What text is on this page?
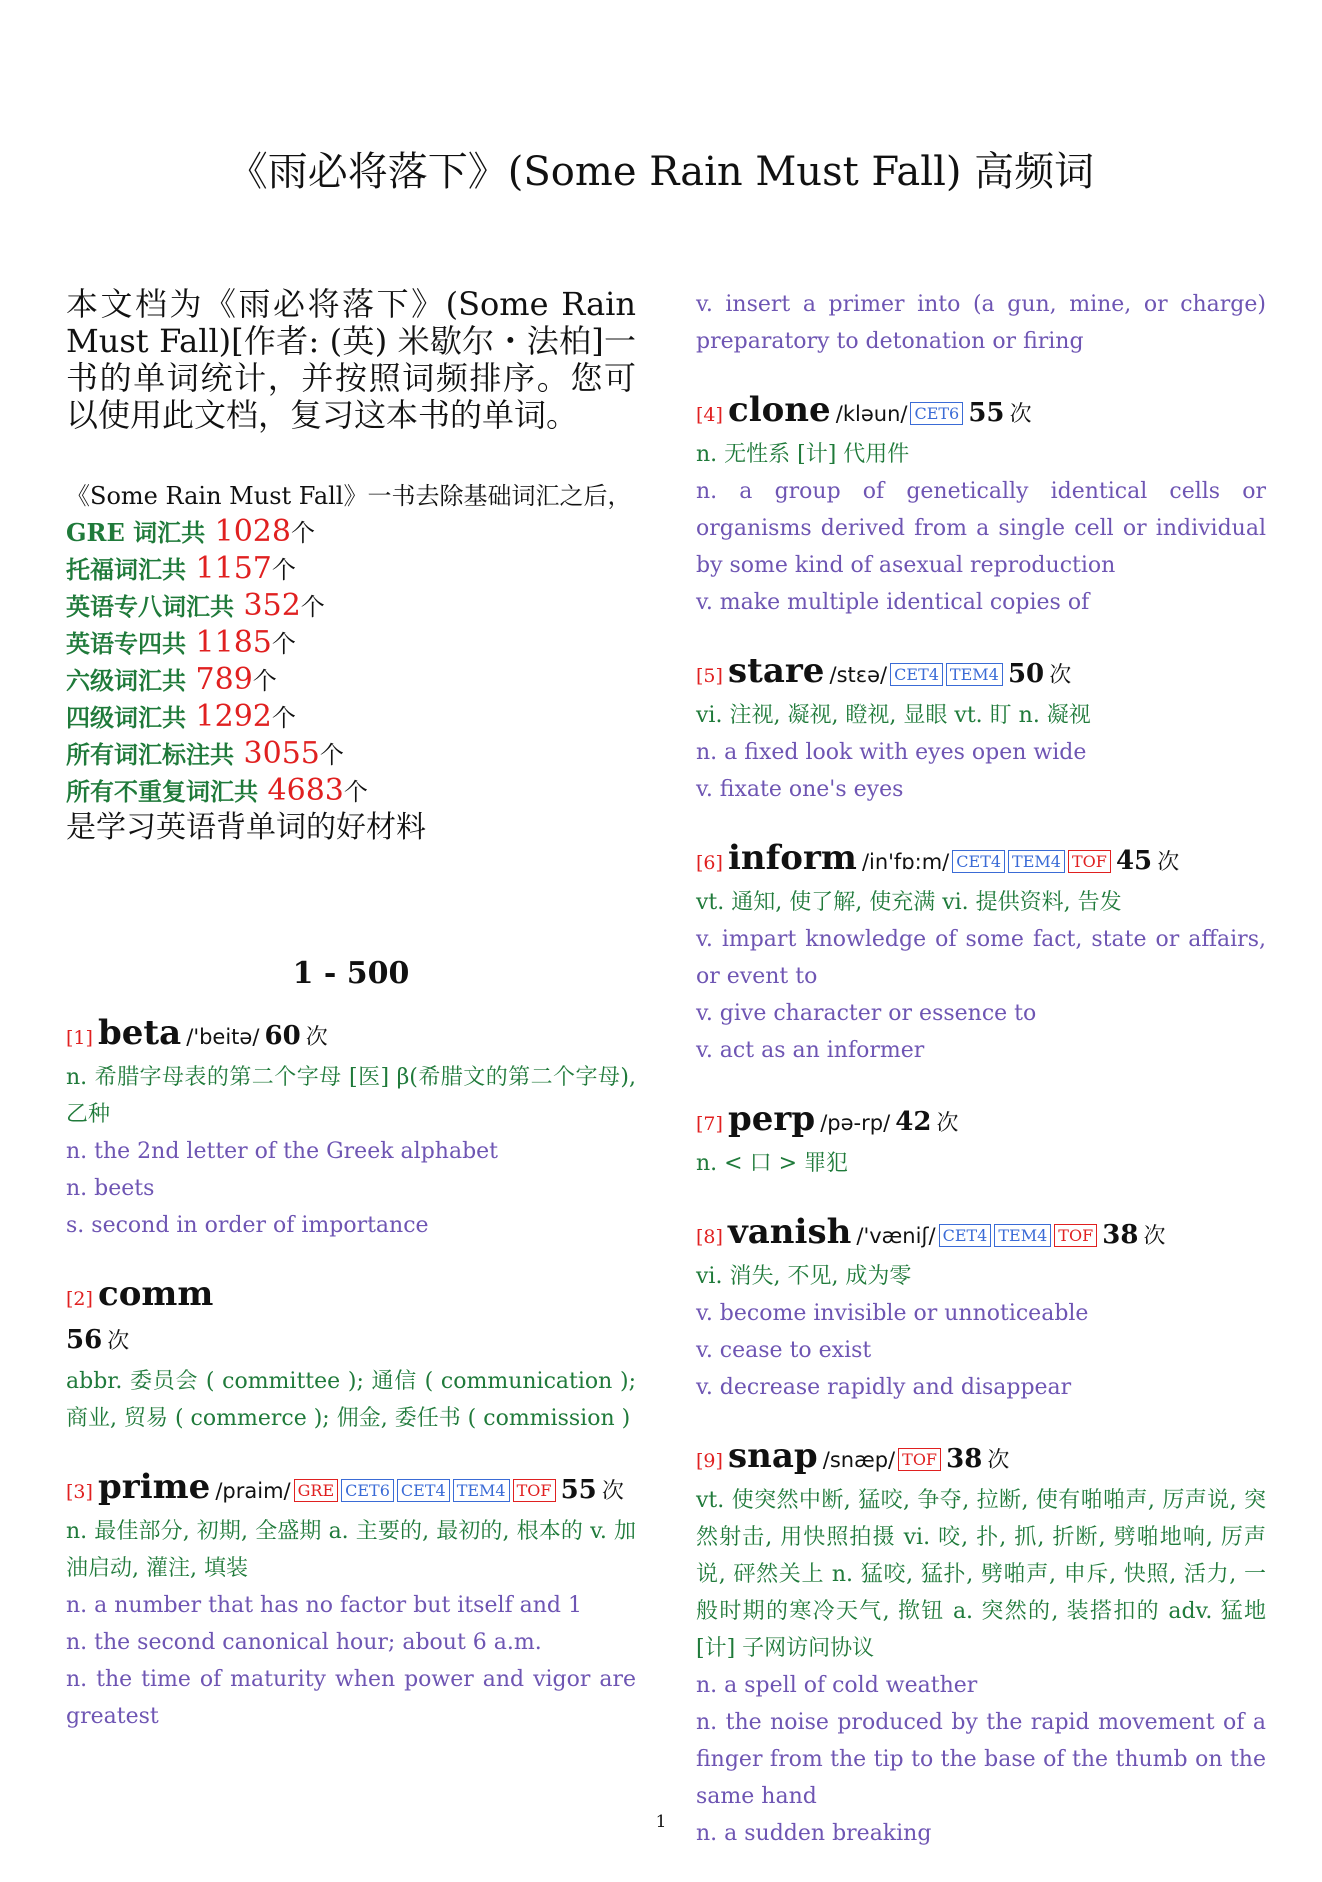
《雨必将落下》(Some Rain Must Fall) 高频词
本文档为《雨必将落下》(Some Rain Must Fall)[作者: (英) 米歇尔・法柏]一书的单词统计，并按照词频排序。您可以使用此文档，复习这本书的单词。
《Some Rain Must Fall》一书去除基础词汇之后，
GRE 词汇共 1028个
托福词汇共 1157个
英语专八词汇共 352个
英语专四共 1185个
六级词汇共 789个
四级词汇共 1292个
所有词汇标注共 3055个
所有不重复词汇共 4683个
是学习英语背单词的好材料
1 - 500
[1] beta /'beitə/ 60 次
n. 希腊字母表的第二个字母 [医] β(希腊文的第二个字母), 乙种
n. the 2nd letter of the Greek alphabet
n. beets
s. second in order of importance
[2] comm
56 次
abbr. 委员会 ( committee ); 通信 ( communication ); 商业, 贸易 ( commerce ); 佣金, 委任书 ( commission )
[3] prime /praim/ GRE CET6 CET4 TEM4 TOF 55 次
n. 最佳部分, 初期, 全盛期 a. 主要的, 最初的, 根本的 v. 加油启动, 灌注, 填装
n. a number that has no factor but itself and 1
n. the second canonical hour; about 6 a.m.
n. the time of maturity when power and vigor are greatest
v. insert a primer into (a gun, mine, or charge) preparatory to detonation or firing
[4] clone /kləun/ CET6 55 次
n. 无性系 [计] 代用件
n. a group of genetically identical cells or organisms derived from a single cell or individual by some kind of asexual reproduction
v. make multiple identical copies of
[5] stare /stɛə/ CET4 TEM4 50 次
vi. 注视, 凝视, 瞪视, 显眼 vt. 盯 n. 凝视
n. a fixed look with eyes open wide
v. fixate one's eyes
[6] inform /in'fɒ:m/ CET4 TEM4 TOF 45 次
vt. 通知, 使了解, 使充满 vi. 提供资料, 告发
v. impart knowledge of some fact, state or affairs, or event to
v. give character or essence to
v. act as an informer
[7] perp /pə-rp/ 42 次
n. < 口 > 罪犯
[8] vanish /'væniʃ/ CET4 TEM4 TOF 38 次
vi. 消失, 不见, 成为零
v. become invisible or unnoticeable
v. cease to exist
v. decrease rapidly and disappear
[9] snap /snæp/ TOF 38 次
vt. 使突然中断, 猛咬, 争夺, 拉断, 使有啪啪声, 厉声说, 突然射击, 用快照拍摄 vi. 咬, 扑, 抓, 折断, 劈啪地响, 厉声说, 砰然关上 n. 猛咬, 猛扑, 劈啪声, 申斥, 快照, 活力, 一般时期的寒冷天气, 揿钮 a. 突然的, 装搭扣的 adv. 猛地 [计] 子网访问协议
n. a spell of cold weather
n. the noise produced by the rapid movement of a finger from the tip to the base of the thumb on the same hand
n. a sudden breaking
1
